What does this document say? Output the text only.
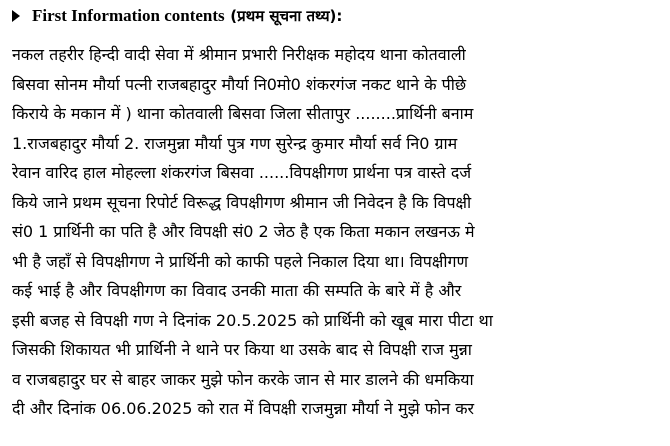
First Information contents (प्रथम सूचना तथ्य):
नकल तहरीर हिन्दी वादी सेवा में श्रीमान प्रभारी निरीक्षक महोदय थाना कोतवाली
बिसवा सोनम मौर्या पत्नी राजबहादुर मौर्या नि0मो0 शंकरगंज नकट थाने के पीछे
किराये के मकान में ) थाना कोतवाली बिसवा जिला सीतापुर ........प्रार्थिनी बनाम
1.राजबहादुर मौर्या 2. राजमुन्ना मौर्या पुत्र गण सुरेन्द्र कुमार मौर्या सर्व नि0 ग्राम
रेवान वारिद हाल मोहल्ला शंकरगंज बिसवा ......विपक्षीगण प्रार्थना पत्र वास्ते दर्ज
किये जाने प्रथम सूचना रिपोर्ट विरूद्ध विपक्षीगण श्रीमान जी निवेदन है कि विपक्षी
सं0 1 प्रार्थिनी का पति है और विपक्षी सं0 2 जेठ है एक किता मकान लखनऊ मे
भी है जहाँ से विपक्षीगण ने प्रार्थिनी को काफी पहले निकाल दिया था। विपक्षीगण
कई भाई है और विपक्षीगण का विवाद उनकी माता की सम्पति के बारे में है और
इसी बजह से विपक्षी गण ने दिनांक 20.5.2025 को प्रार्थिनी को खूब मारा पीटा था
जिसकी शिकायत भी प्रार्थिनी ने थाने पर किया था उसके बाद से विपक्षी राज मुन्ना
व राजबहादुर घर से बाहर जाकर मुझे फोन करके जान से मार डालने की धमकिया
दी और दिनांक 06.06.2025 को रात में विपक्षी राजमुन्ना मौर्या ने मुझे फोन कर
